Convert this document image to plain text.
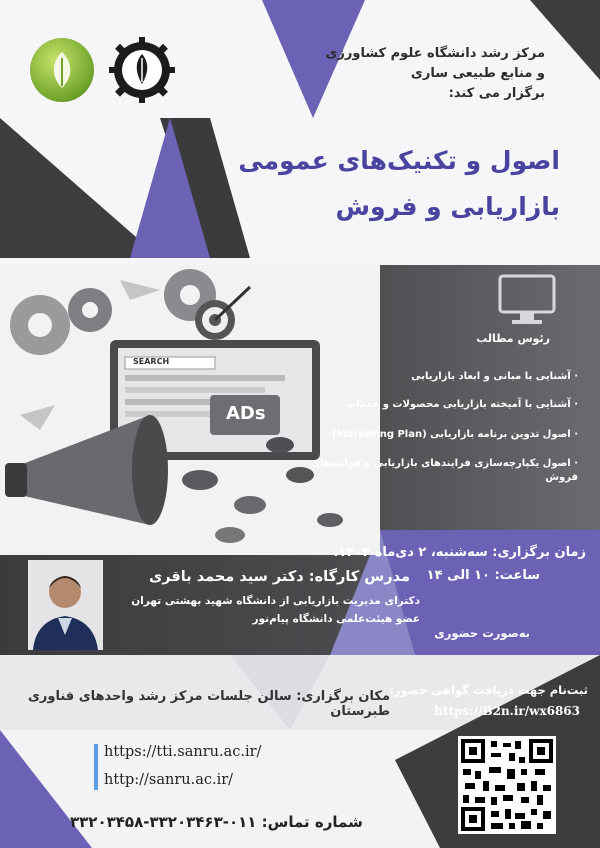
مرکز رشد دانشگاه علوم کشاورزی
و منابع طبیعی ساری
برگزار می کند:
اصول و تکنیک‌های عمومی
بازاریابی و فروش
SEARCH
ADs
رئوس مطالب
· آشنایی با مبانی و ابعاد بازاریابی
· آشنایی با آمیخته بازاریابی محصولات و خدمات
· اصول تدوین برنامه بازاریابی (Marketing Plan)
· اصول یکپارچه‌سازی فرایندهای بازاریابی و فرایندهای فروش
زمان برگزاری: سه‌شنبه، ۲ دی‌ماه ۱۴۰۴،
ساعت: ۱۰ الی ۱۴
به‌صورت حضوری
مدرس کارگاه: دکتر سید محمد باقری
دکترای مدیریت بازاریابی از دانشگاه شهید بهشتی تهران
عضو هیئت‌علمی دانشگاه پیام‌نور
مکان برگزاری: سالن جلسات مرکز رشد واحدهای فناوری طبرستان
ثبت‌نام جهت دریافت گواهی حضور:
https://B2n.ir/wx6863
https://tti.sanru.ac.ir/
http://sanru.ac.ir/
شماره تماس: ۰۱۱-۳۳۲۰۳۴۶۳-۳۳۲۰۳۴۵۸
